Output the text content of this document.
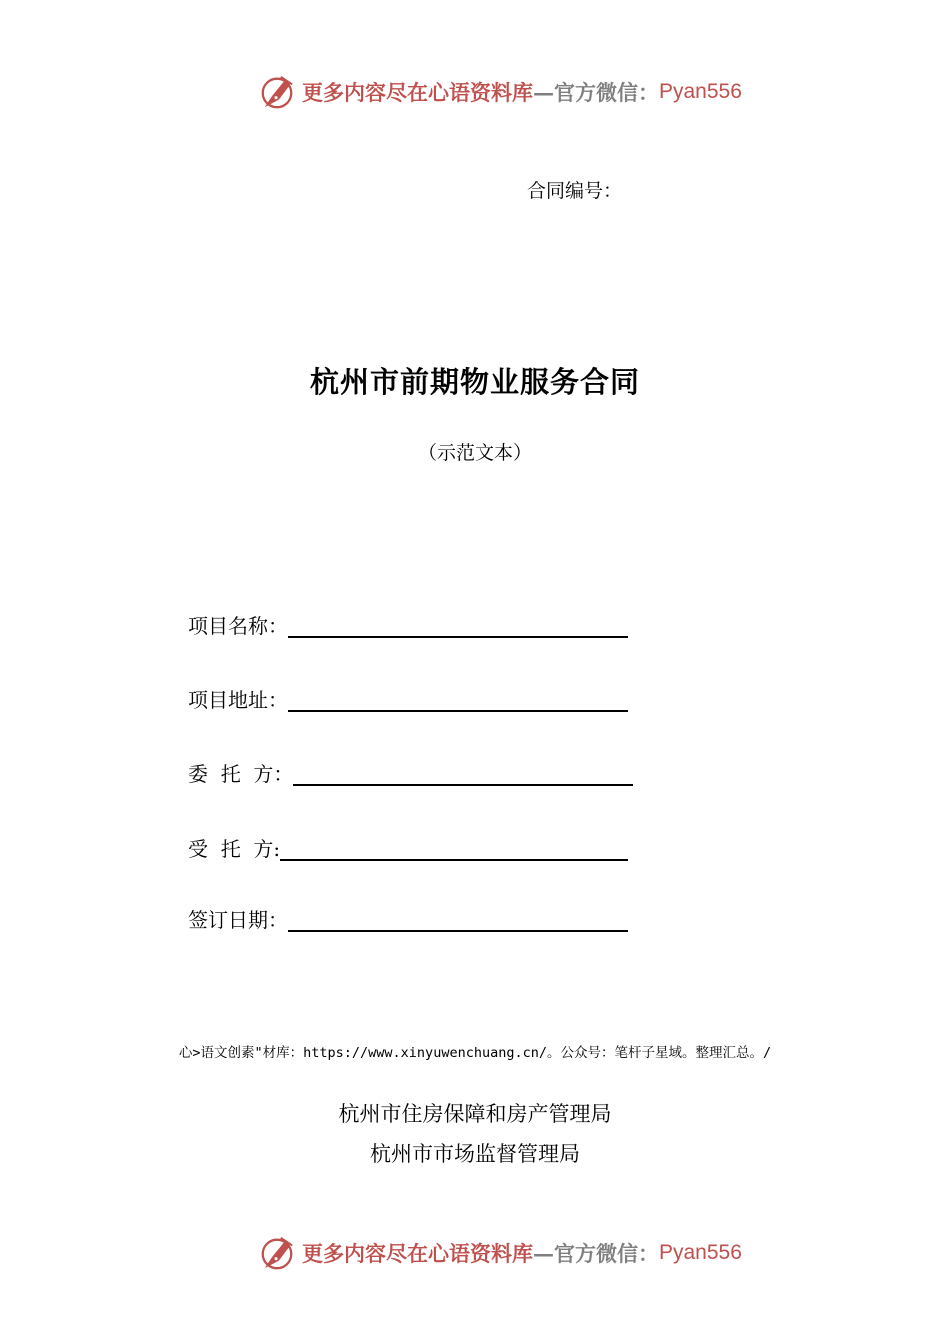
更多内容尽在心语资料库 —官方微信： Pyan556
合同编号：
杭州市前期物业服务合同
（示范文本）
项目名称：
项目地址：
委  托  方：
受  托  方:
签订日期：
心>语文创素"材库：https://www.xinyuwenchuang.cn/。公众号：笔杆子星域。整理汇总。/
杭州市住房保障和房产管理局
杭州市市场监督管理局
更多内容尽在心语资料库 —官方微信： Pyan556
